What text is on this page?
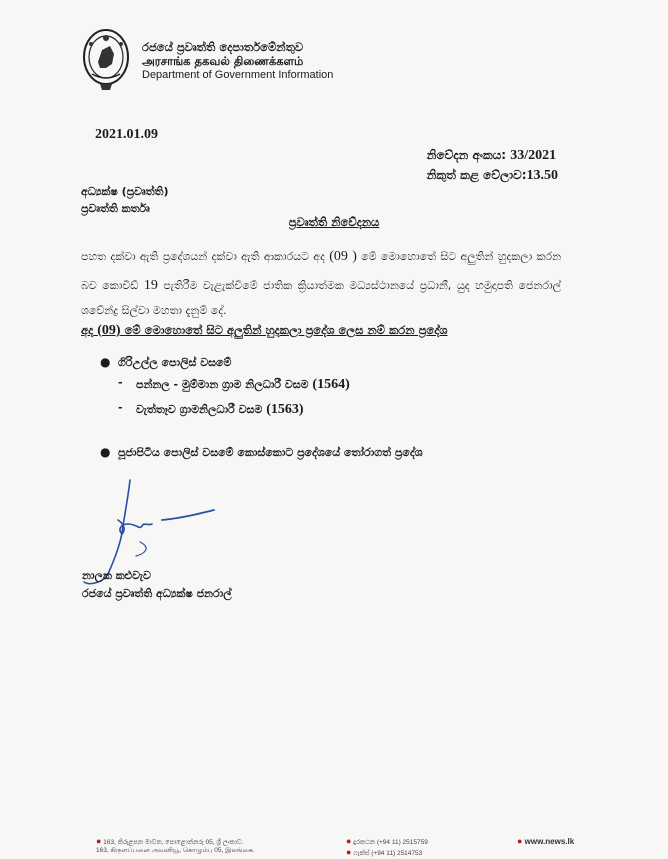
රජයේ ප්‍රවෘත්ති දෙපාර්තමේන්තුව
அரசாங்க தகவல் திணைக்களம்
Department of Government Information
2021.01.09
නිවේදන අංකය: 33/2021
නිකුත් කළ වේලාව:13.50
අධ්‍යක්ෂ (ප්‍රවෘත්ති)
ප්‍රවෘත්ති කර්තෘ
ප්‍රවෘත්ති නිවේදනය
පහත දක්වා ඇති ප්‍රදේශයන් දක්වා ඇති ආකාරයට අද (09 ) මේ මොහොතේ සිට අලුතින් හුදකලා කරන බව කොවිඩ් 19 පැතිරීම වැළැක්වීමේ ජාතික ක්‍රියාත්මක මධ්‍යස්ථානයේ ප්‍රධානී, යුද හමුදාපති ජෙනරාල් ශවේන්ද්‍ර සිල්වා මහතා දැනුම් දේ.
අද (09) මේ මොහොතේ සිට අලුතින් හුදකලා ප්‍රදේශ ලෙස නම් කරන ප්‍රදේශ
● ගිරිඋල්ල පොලිස් වසමේ
- පන්නල - මුම්මාන ග්‍රාම නිලධාරී වසම (1564)
- වැත්තෑව ග්‍රාමනිලධාරී වසම (1563)
● පූජාපිටිය පොලිස් වසමේ කොස්කොට ප්‍රදේශයේ තෝරාගත් ප්‍රදේශ
නාලක කළුවැව
රජයේ ප්‍රවෘත්ති අධ්‍යක්ෂ ජනරාල්
● 163, කිරුළපන මාවත, පොළොන්නරු 05, ශ්‍රී ලංකාව.
163, கிருளப்பனை அவனியூ, கொழும்பு 05, இலங்கை.
● දුරකථන (+94 11) 2515759
● ෆැක්ස් (+94 11) 2514753
● www.news.lk
